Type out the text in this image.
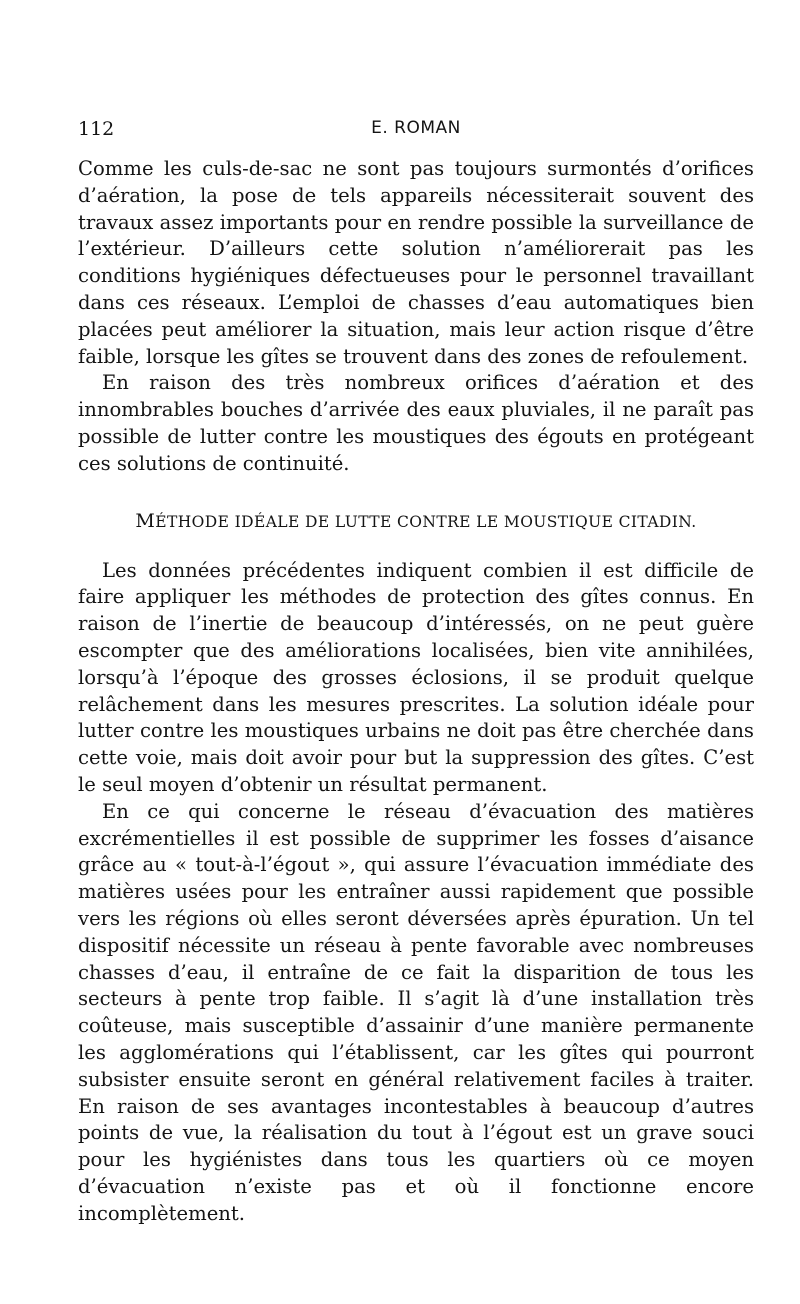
112	E. ROMAN

Comme les culs-de-sac ne sont pas toujours surmontés d’orifices d’aération, la pose de tels appareils nécessiterait souvent des travaux assez importants pour en rendre possible la surveillance de l’extérieur. D’ailleurs cette solution n’améliorerait pas les conditions hygiéniques défectueuses pour le personnel travaillant dans ces réseaux. L’emploi de chasses d’eau automatiques bien placées peut améliorer la situation, mais leur action risque d’être faible, lorsque les gîtes se trouvent dans des zones de refoulement.

En raison des très nombreux orifices d’aération et des innombrables bouches d’arrivée des eaux pluviales, il ne paraît pas possible de lutter contre les moustiques des égouts en protégeant ces solutions de continuité.

MÉTHODE IDÉALE DE LUTTE CONTRE LE MOUSTIQUE CITADIN.

Les données précédentes indiquent combien il est difficile de faire appliquer les méthodes de protection des gîtes connus. En raison de l’inertie de beaucoup d’intéressés, on ne peut guère escompter que des améliorations localisées, bien vite annihilées, lorsqu’à l’époque des grosses éclosions, il se produit quelque relâchement dans les mesures prescrites. La solution idéale pour lutter contre les moustiques urbains ne doit pas être cherchée dans cette voie, mais doit avoir pour but la suppression des gîtes. C’est le seul moyen d’obtenir un résultat permanent.

En ce qui concerne le réseau d’évacuation des matières excrémentielles il est possible de supprimer les fosses d’aisance grâce au « tout-à-l’égout », qui assure l’évacuation immédiate des matières usées pour les entraîner aussi rapidement que possible vers les régions où elles seront déversées après épuration. Un tel dispositif nécessite un réseau à pente favorable avec nombreuses chasses d’eau, il entraîne de ce fait la disparition de tous les secteurs à pente trop faible. Il s’agit là d’une installation très coûteuse, mais susceptible d’assainir d’une manière permanente les agglomérations qui l’établissent, car les gîtes qui pourront subsister ensuite seront en général relativement faciles à traiter. En raison de ses avantages incontestables à beaucoup d’autres points de vue, la réalisation du tout à l’égout est un grave souci pour les hygiénistes dans tous les quartiers où ce moyen d’évacuation n’existe pas et où il fonctionne encore incomplètement.
